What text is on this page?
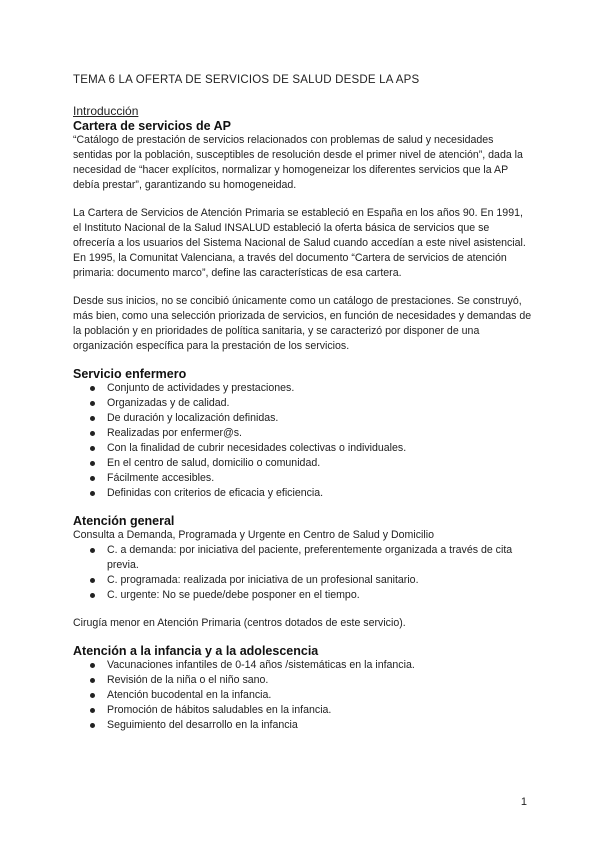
TEMA 6 LA OFERTA DE SERVICIOS DE SALUD DESDE LA APS
Introducción
Cartera de servicios de AP

“Catálogo de prestación de servicios relacionados con problemas de salud y necesidades sentidas por la población, susceptibles de resolución desde el primer nivel de atención”, dada la necesidad de “hacer explícitos, normalizar y homogeneizar los diferentes servicios que la AP debía prestar”, garantizando su homogeneidad.

La Cartera de Servicios de Atención Primaria se estableció en España en los años 90. En 1991, el Instituto Nacional de la Salud INSALUD estableció la oferta básica de servicios que se ofrecería a los usuarios del Sistema Nacional de Salud cuando accedían a este nivel asistencial. En 1995, la Comunitat Valenciana, a través del documento “Cartera de servicios de atención primaria: documento marco”, define las características de esa cartera.

Desde sus inicios, no se concibió únicamente como un catálogo de prestaciones. Se construyó, más bien, como una selección priorizada de servicios, en función de necesidades y demandas de la población y en prioridades de política sanitaria, y se caracterizó por disponer de una organización específica para la prestación de los servicios.

Servicio enfermero
Conjunto de actividades y prestaciones.
Organizadas y de calidad.
De duración y localización definidas.
Realizadas por enfermer@s.
Con la finalidad de cubrir necesidades colectivas o individuales.
En el centro de salud, domicilio o comunidad.
Fácilmente accesibles.
Definidas con criterios de eficacia y eficiencia.
Atención general

Consulta a Demanda, Programada y Urgente en Centro de Salud y Domicilio

C. a demanda: por iniciativa del paciente, preferentemente organizada a través de cita previa.
C. programada: realizada por iniciativa de un profesional sanitario.
C. urgente: No se puede/debe posponer en el tiempo.

Cirugía menor en Atención Primaria (centros dotados de este servicio).

Atención a la infancia y a la adolescencia
Vacunaciones infantiles de 0-14 años /sistemáticas en la infancia.
Revisión de la niña o el niño sano.
Atención bucodental en la infancia.
Promoción de hábitos saludables en la infancia.
Seguimiento del desarrollo en la infancia
1
